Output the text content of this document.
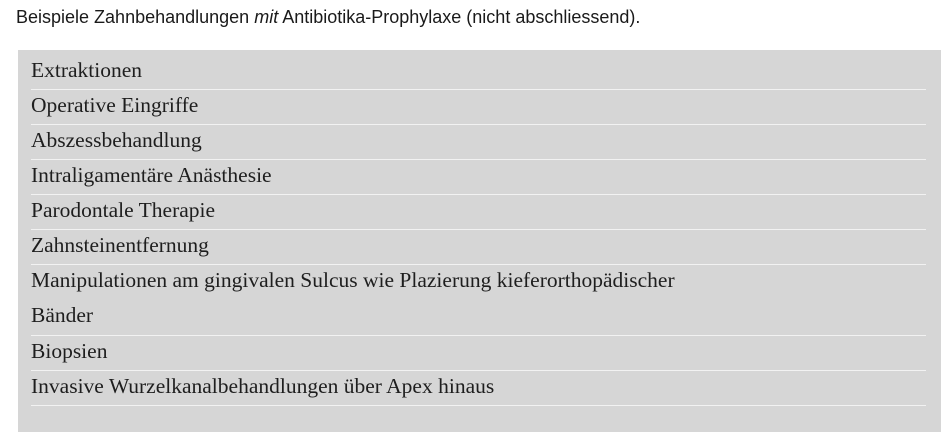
Beispiele Zahnbehandlungen mit Antibiotika-Prophylaxe (nicht abschliessend).
Extraktionen
Operative Eingriffe
Abszessbehandlung
Intraligamentäre Anästhesie
Parodontale Therapie
Zahnsteinentfernung
Manipulationen am gingivalen Sulcus wie Plazierung kieferorthopädischer
Bänder
Biopsien
Invasive Wurzelkanalbehandlungen über Apex hinaus
